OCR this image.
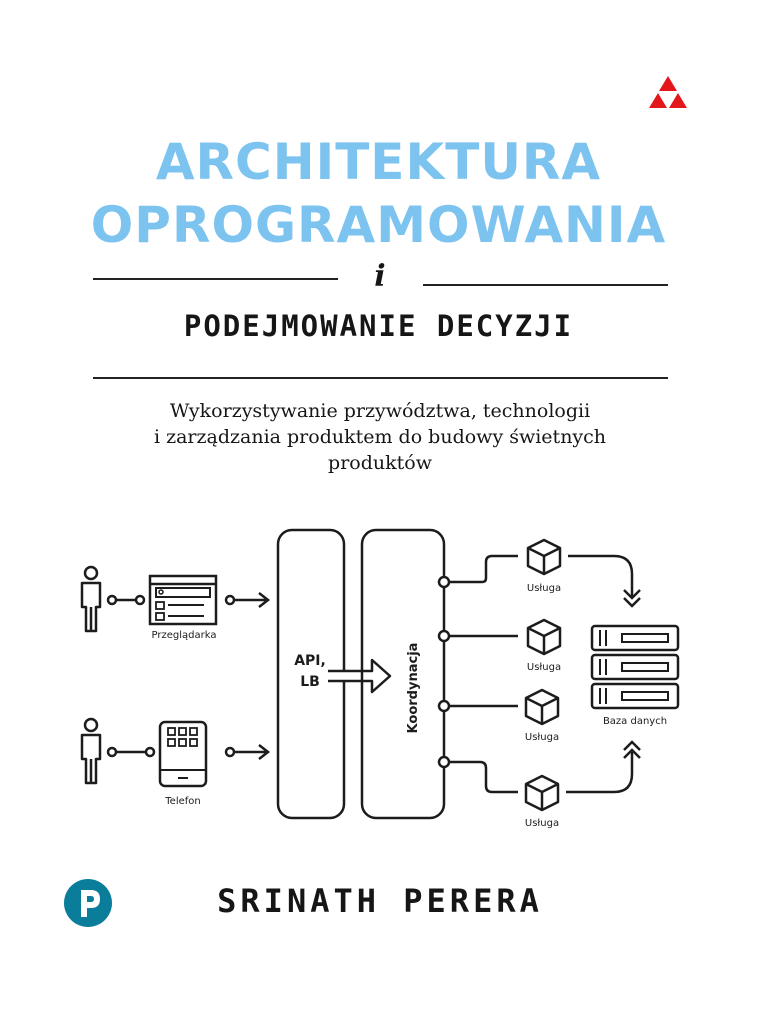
ARCHITEKTURA
OPROGRAMOWANIA
i
PODEJMOWANIE DECYZJI
Wykorzystywanie przywództwa, technologii
i zarządzania produktem do budowy świetnych
produktów
Przeglądarka
Telefon
API,
LB	Koordynacja
Usługa
Usługa
Usługa
Usługa
Baza danych
SRINATH PERERA
